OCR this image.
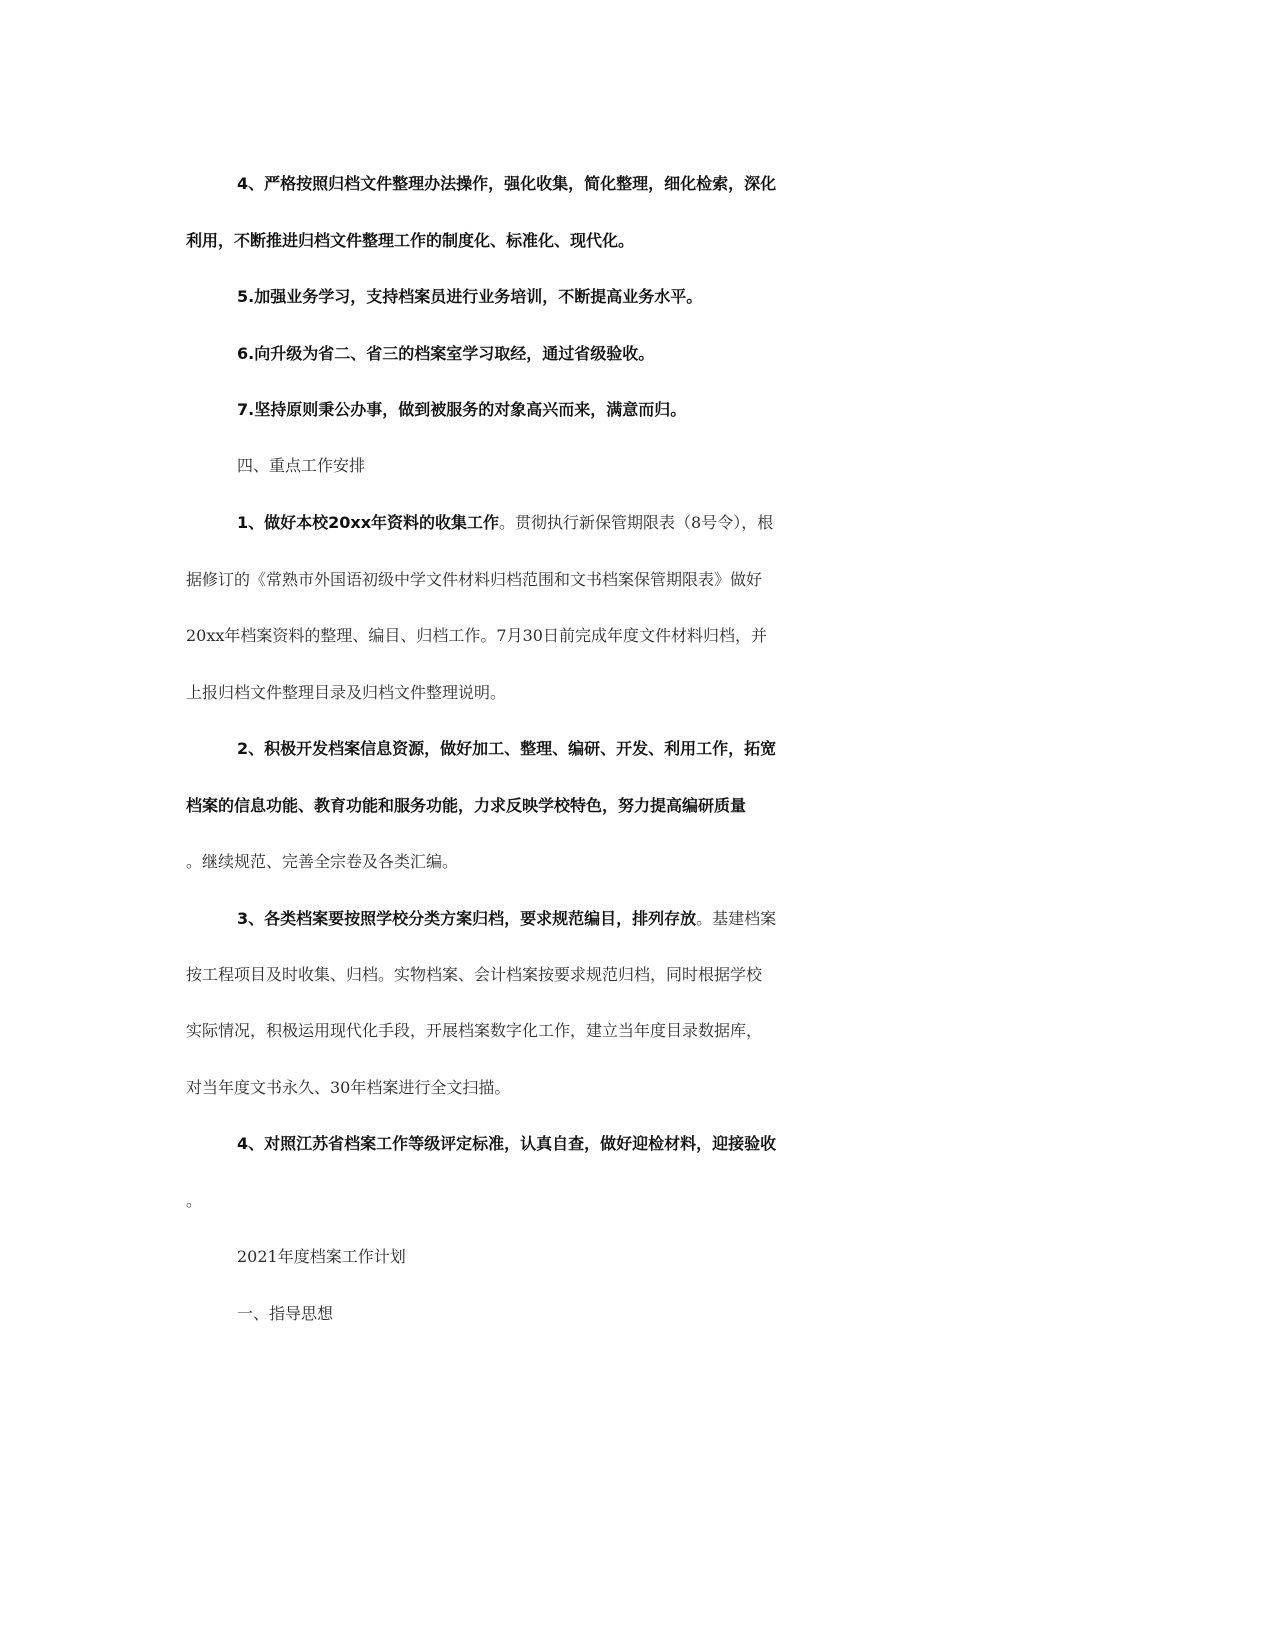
4、严格按照归档文件整理办法操作，强化收集，简化整理，细化检索，深化
利用，不断推进归档文件整理工作的制度化、标准化、现代化。
5.加强业务学习，支持档案员进行业务培训，不断提高业务水平。
6.向升级为省二、省三的档案室学习取经，通过省级验收。
7.坚持原则秉公办事，做到被服务的对象高兴而来，满意而归。
四、重点工作安排
1、做好本校20xx年资料的收集工作。贯彻执行新保管期限表（8号令），根
据修订的《常熟市外国语初级中学文件材料归档范围和文书档案保管期限表》做好
20xx年档案资料的整理、编目、归档工作。7月30日前完成年度文件材料归档，并
上报归档文件整理目录及归档文件整理说明。
2、积极开发档案信息资源，做好加工、整理、编研、开发、利用工作，拓宽
档案的信息功能、教育功能和服务功能，力求反映学校特色，努力提高编研质量
。继续规范、完善全宗卷及各类汇编。
3、各类档案要按照学校分类方案归档，要求规范编目，排列存放。基建档案
按工程项目及时收集、归档。实物档案、会计档案按要求规范归档，同时根据学校
实际情况，积极运用现代化手段，开展档案数字化工作，建立当年度目录数据库，
对当年度文书永久、30年档案进行全文扫描。
4、对照江苏省档案工作等级评定标准，认真自查，做好迎检材料，迎接验收
。
2021年度档案工作计划
一、指导思想
